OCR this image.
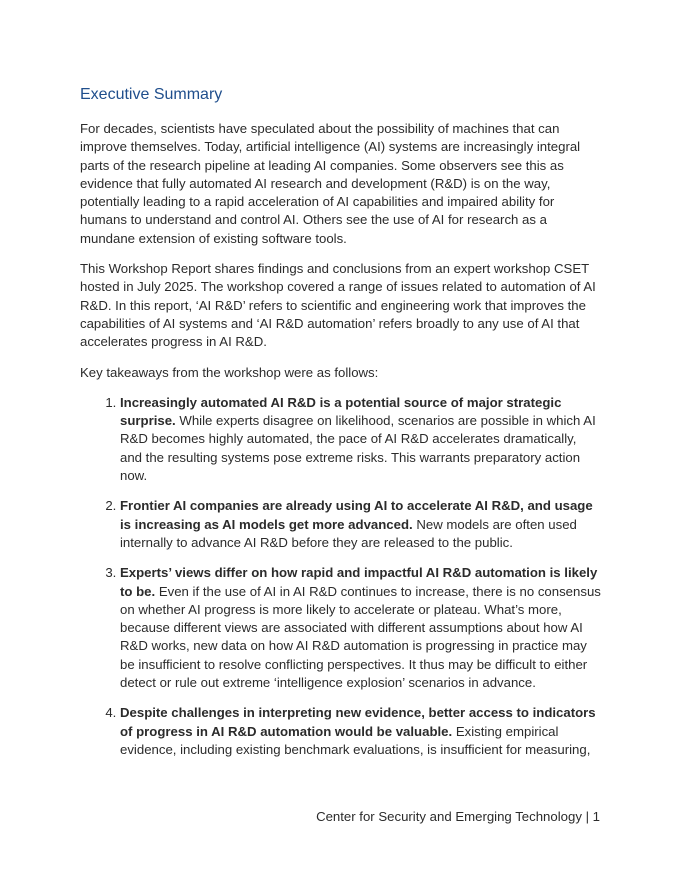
Executive Summary

For decades, scientists have speculated about the possibility of machines that can improve themselves. Today, artificial intelligence (AI) systems are increasingly integral parts of the research pipeline at leading AI companies. Some observers see this as evidence that fully automated AI research and development (R&D) is on the way, potentially leading to a rapid acceleration of AI capabilities and impaired ability for humans to understand and control AI. Others see the use of AI for research as a mundane extension of existing software tools.

This Workshop Report shares findings and conclusions from an expert workshop CSET hosted in July 2025. The workshop covered a range of issues related to automation of AI R&D. In this report, ‘AI R&D’ refers to scientific and engineering work that improves the capabilities of AI systems and ‘AI R&D automation’ refers broadly to any use of AI that accelerates progress in AI R&D.

Key takeaways from the workshop were as follows:

1. Increasingly automated AI R&D is a potential source of major strategic surprise. While experts disagree on likelihood, scenarios are possible in which AI R&D becomes highly automated, the pace of AI R&D accelerates dramatically, and the resulting systems pose extreme risks. This warrants preparatory action now.
2. Frontier AI companies are already using AI to accelerate AI R&D, and usage is increasing as AI models get more advanced. New models are often used internally to advance AI R&D before they are released to the public.
3. Experts’ views differ on how rapid and impactful AI R&D automation is likely to be. Even if the use of AI in AI R&D continues to increase, there is no consensus on whether AI progress is more likely to accelerate or plateau. What’s more, because different views are associated with different assumptions about how AI R&D works, new data on how AI R&D automation is progressing in practice may be insufficient to resolve conflicting perspectives. It thus may be difficult to either detect or rule out extreme ‘intelligence explosion’ scenarios in advance.
4. Despite challenges in interpreting new evidence, better access to indicators of progress in AI R&D automation would be valuable. Existing empirical evidence, including existing benchmark evaluations, is insufficient for measuring,
Center for Security and Emerging Technology | 1
